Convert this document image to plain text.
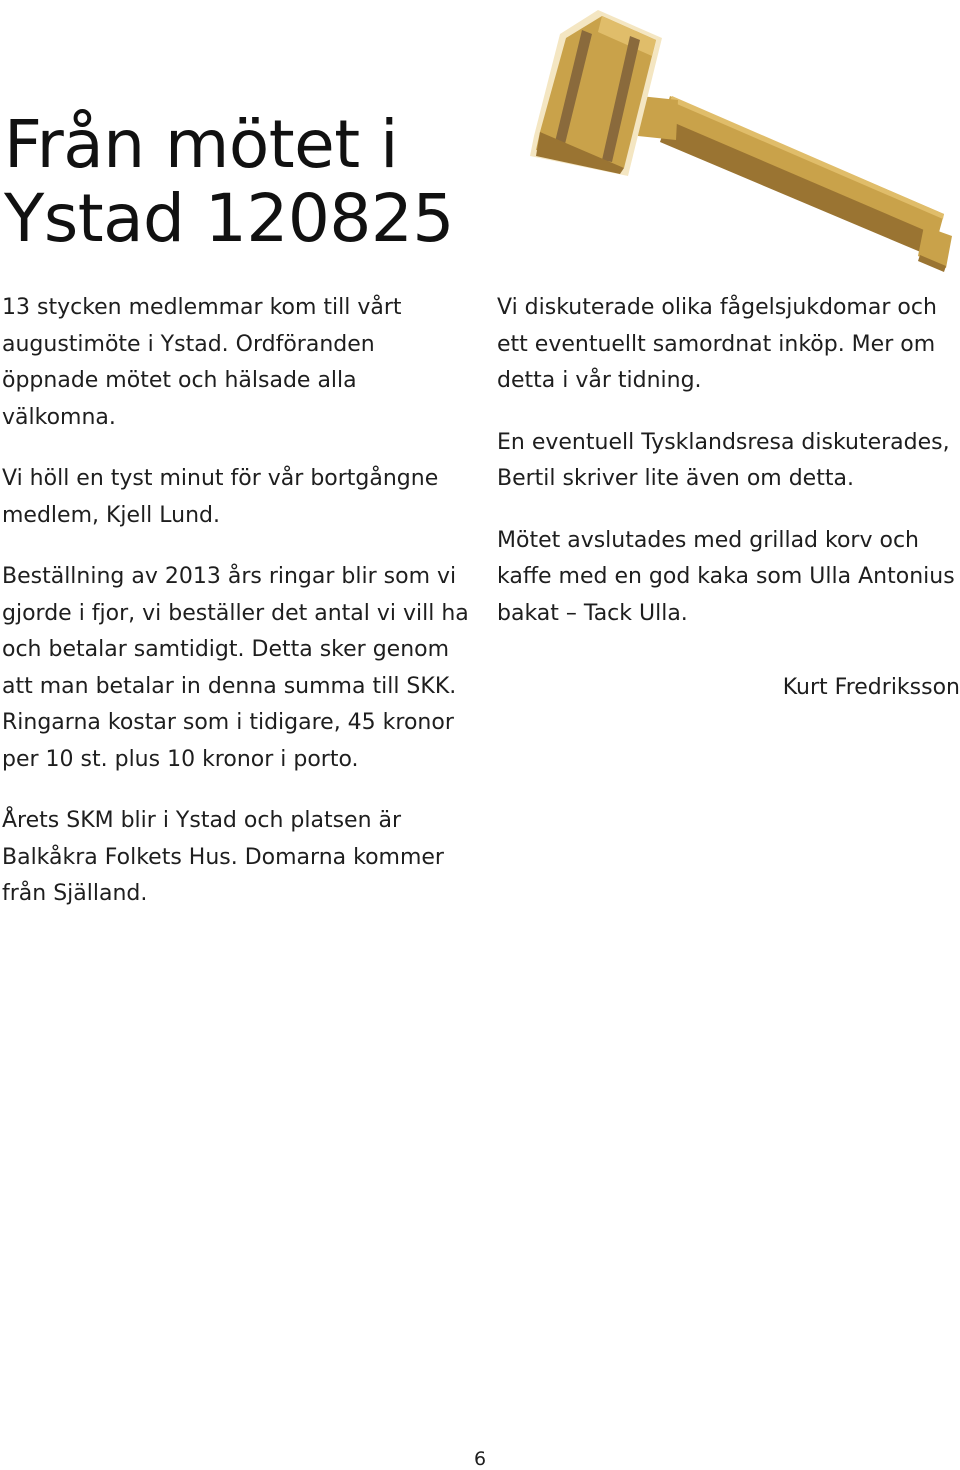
Från mötet i
Ystad 120825

13 stycken medlemmar kom till vårt
augustimöte i Ystad. Ordföranden
öppnade mötet och hälsade alla
välkomna.

Vi höll en tyst minut för vår bortgångne
medlem, Kjell Lund.

Beställning av 2013 års ringar blir som vi
gjorde i fjor, vi beställer det antal vi vill ha
och betalar samtidigt. Detta sker genom
att man betalar in denna summa till SKK.
Ringarna kostar som i tidigare, 45 kronor
per 10 st. plus 10 kronor i porto.

Årets SKM blir i Ystad och platsen är
Balkåkra Folkets Hus. Domarna kommer
från Själland.

Vi diskuterade olika fågelsjukdomar och
ett eventuellt samordnat inköp. Mer om
detta i vår tidning.

En eventuell Tysklandsresa diskuterades,
Bertil skriver lite även om detta.

Mötet avslutades med grillad korv och
kaffe med en god kaka som Ulla Antonius
bakat – Tack Ulla.

Kurt Fredriksson
6
